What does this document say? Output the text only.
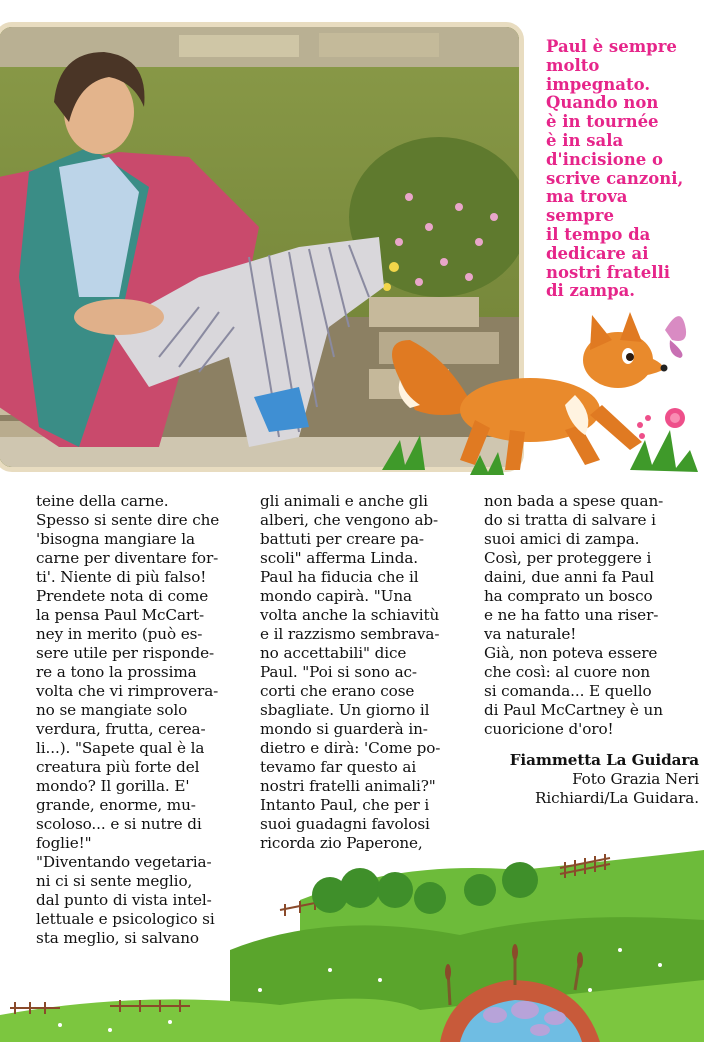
Paul è sempre
molto
impegnato.
Quando non
è in tournée
è in sala
d'incisione o
scrive canzoni,
ma trova
sempre
il tempo da
dedicare ai
nostri fratelli
di zampa.
teine della carne.
Spesso si sente dire che
'bisogna mangiare la
carne per diventare for-
ti'. Niente di più falso!
Prendete nota di come
la pensa Paul McCart-
ney in merito (può es-
sere utile per risponde-
re a tono la prossima
volta che vi rimprovera-
no se mangiate solo
verdura, frutta, cerea-
li...). "Sapete qual è la
creatura più forte del
mondo? Il gorilla. E'
grande, enorme, mu-
scoloso... e si nutre di
foglie!"
"Diventando vegetaria-
ni ci si sente meglio,
dal punto di vista intel-
lettuale e psicologico si
sta meglio, si salvano
gli animali e anche gli
alberi, che vengono ab-
battuti per creare pa-
scoli" afferma Linda.
Paul ha fiducia che il
mondo capirà. "Una
volta anche la schiavitù
e il razzismo sembrava-
no accettabili" dice
Paul. "Poi si sono ac-
corti che erano cose
sbagliate. Un giorno il
mondo si guarderà in-
dietro e dirà: 'Come po-
tevamo far questo ai
nostri fratelli animali?"
Intanto Paul, che per i
suoi guadagni favolosi
ricorda zio Paperone,
non bada a spese quan-
do si tratta di salvare i
suoi amici di zampa.
Così, per proteggere i
daini, due anni fa Paul
ha comprato un bosco
e ne ha fatto una riser-
va naturale!
Già, non poteva essere
che così: al cuore non
si comanda... E quello
di Paul McCartney è un
cuoricione d'oro!
Fiammetta La Guidara
Foto Grazia Neri
Richiardi/La Guidara.
